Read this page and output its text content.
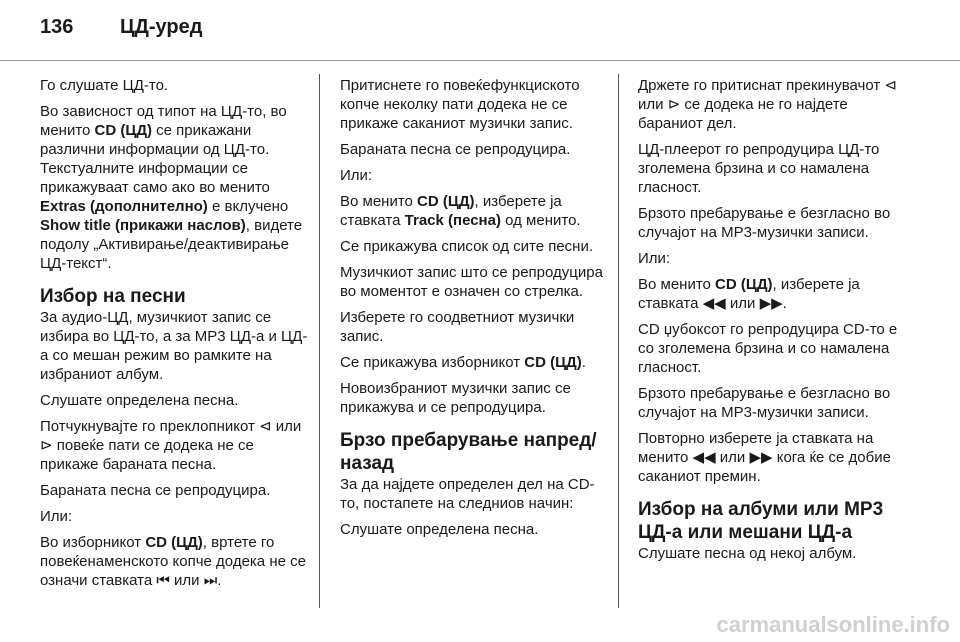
136 ЦД-уред

Го слушате ЦД-то.

Во зависност од типот на ЦД-то, во менито CD (ЦД) се прикажани различни информации од ЦД-то. Текстуалните информации се прикажуваат само ако во менито Extras (дополнително) е вклучено Show title (прикажи наслов), видете подолу „Активирање/деактивирање ЦД-текст“.

Избор на песни

За аудио-ЦД, музичкиот запис се избира во ЦД-то, а за MP3 ЦД-а и ЦД-а со мешан режим во рамките на избраниот албум.

Слушате определена песна.

Потчукнувајте го преклопникот ⊲ или ⊳ повеќе пати се додека не се прикаже бараната песна.

Бараната песна се репродуцира.

Или:

Во изборникот CD (ЦД), вртете го повеќенаменското копче додека не се означи ставката ⏮ или ⏭.

Притиснете го повеќефункциското копче неколку пати додека не се прикаже саканиот музички запис.

Бараната песна се репродуцира.

Или:

Во менито CD (ЦД), изберете ја ставката Track (песна) од менито.

Се прикажува список од сите песни.

Музичкиот запис што се репродуцира во моментот е означен со стрелка.

Изберете го соодветниот музички запис.

Се прикажува изборникот CD (ЦД).

Новоизбраниот музички запис се прикажува и се репродуцира.

Брзо пребарување напред/назад

За да најдете определен дел на CD-то, постапете на следниов начин:

Слушате определена песна.

Држете го притиснат прекинувачот ⊲ или ⊳ се додека не го најдете бараниот дел.

ЦД-плеерот го репродуцира ЦД-то зголемена брзина и со намалена гласност.

Брзото пребарување е безгласно во случајот на MP3-музички записи.

Или:

Во менито CD (ЦД), изберете ја ставката ◀◀ или ▶▶.

CD џубоксот го репродуцира CD-то е со зголемена брзина и со намалена гласност.

Брзото пребарување е безгласно во случајот на MP3-музички записи.

Повторно изберете ја ставката на менито ◀◀ или ▶▶ кога ќе се добие саканиот премин.

Избор на албуми или MP3 ЦД-а или мешани ЦД-а

Слушате песна од некој албум.

carmanualsonline.info
